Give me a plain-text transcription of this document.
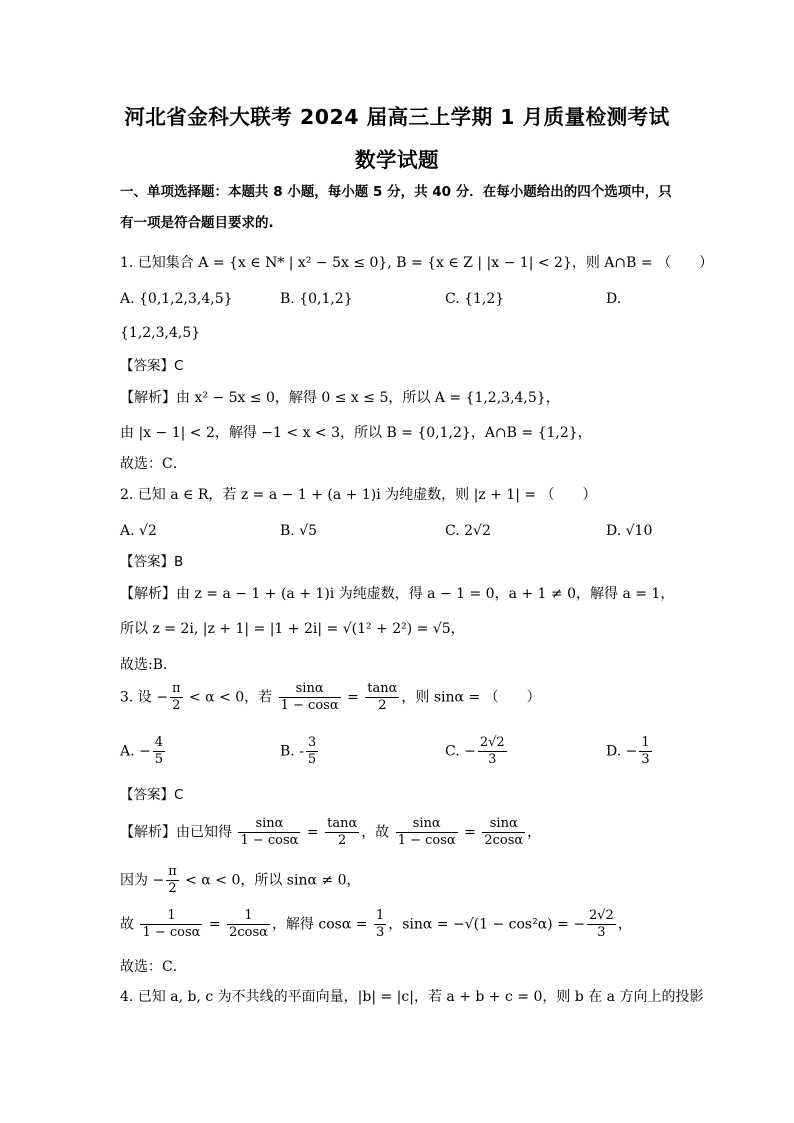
河北省金科大联考 2024 届高三上学期 1 月质量检测考试
数学试题
一、单项选择题：本题共 8 小题，每小题 5 分，共 40 分．在每小题给出的四个选项中，只
有一项是符合题目要求的.
1. 已知集合 A = {x ∈ N* | x² − 5x ≤ 0}, B = {x ∈ Z | |x − 1| < 2}，则 A∩B = （　　）
A. {0,1,2,3,4,5}	B. {0,1,2}	C. {1,2}	D.
{1,2,3,4,5}
【答案】C
【解析】由 x² − 5x ≤ 0，解得 0 ≤ x ≤ 5，所以 A = {1,2,3,4,5}，
由 |x − 1| < 2，解得 −1 < x < 3，所以 B = {0,1,2}，A∩B = {1,2}，
故选：C．
2. 已知 a ∈ R，若 z = a − 1 + (a + 1)i 为纯虚数，则 |z + 1| = （　　）
A. √2	B. √5	C. 2√2	D. √10
【答案】B
【解析】由 z = a − 1 + (a + 1)i 为纯虚数，得 a − 1 = 0，a + 1 ≠ 0，解得 a = 1，
所以 z = 2i, |z + 1| = |1 + 2i| = √(1² + 2²) = √5，
故选:B．
3. 设 − $\frac{\pi}{2} < \alpha < 0$，若 $\frac{\sin\alpha}{1 - \cos\alpha} = \frac{\tan\alpha}{2}$ ，则 sinα = （　　）
A. − $\frac{4}{5}$	B. - $\frac{3}{5}$	C. − $\frac{2√2}{3}$	D. − $\frac{1}{3}$
【答案】C
【解析】由已知得 $\frac{\sin\alpha}{1 - \cos\alpha} = \frac{\tan\alpha}{2}$ ，故 $\frac{\sin\alpha}{1 - \cos\alpha} = \frac{\sin\alpha}{2\cos\alpha}$ ，
因为 − $\frac{\pi}{2} < \alpha < 0$，所以 sinα ≠ 0，
故 $\frac{1}{1 - \cos\alpha} = \frac{1}{2\cos\alpha}$ ，解得 $\cos\alpha = \frac{1}{3}$ ，sinα = −√(1 − cos²α) = − $\frac{2√2}{3}$ ，
故选：C．
4. 已知 a, b, c 为不共线的平面向量，|b| = |c|，若 a + b + c = 0，则 b 在 a 方向上的投影
